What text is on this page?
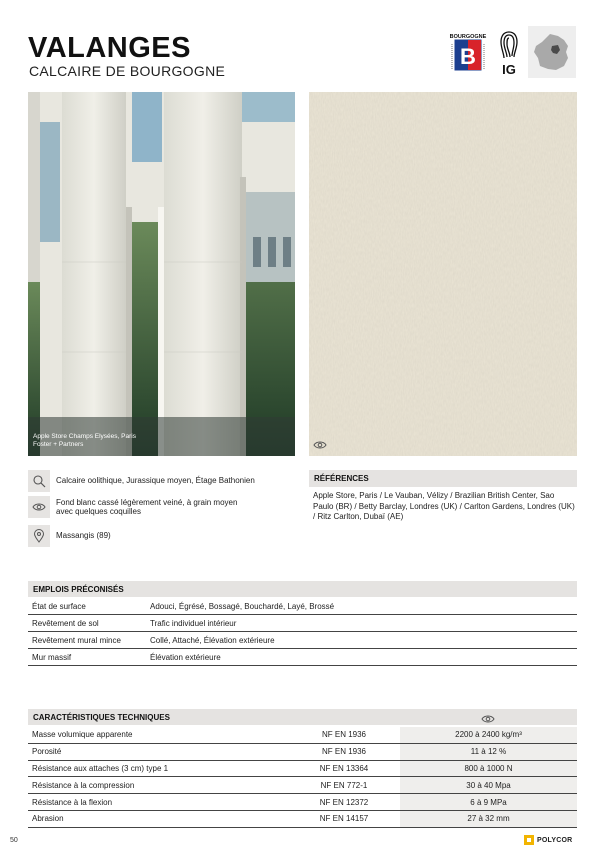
VALANGES
CALCAIRE DE BOURGOGNE
BOURGOGNE
B
IG
Apple Store Champs Elysées, Paris
Foster + Partners
Calcaire oolithique, Jurassique moyen, Étage Bathonien
Fond blanc cassé légèrement veiné, à grain moyen
avec quelques coquilles
Massangis (89)
RÉFÉRENCES
Apple Store, Paris / Le Vauban, Vélizy / Brazilian British Center, Sao Paulo (BR) / Betty Barclay, Londres (UK) / Carlton Gardens, Londres (UK) / Ritz Carlton, Dubaï (AE)
EMPLOIS PRÉCONISÉS
État de surface	Adouci, Égrésé, Bossagé, Bouchardé, Layé, Brossé
Revêtement de sol	Trafic individuel intérieur
Revêtement mural mince	Collé, Attaché, Élévation extérieure
Mur massif	Élévation extérieure
CARACTÉRISTIQUES TECHNIQUES
Masse volumique apparente	NF EN 1936	2200 à 2400 kg/m³
Porosité	NF EN 1936	11 à 12 %
Résistance aux attaches (3 cm) type 1	NF EN 13364	800 à 1000 N
Résistance à la compression	NF EN 772-1	30 à 40 Mpa
Résistance à la flexion	NF EN 12372	6 à 9 MPa
Abrasion	NF EN 14157	27 à 32 mm
50	POLYCOR
